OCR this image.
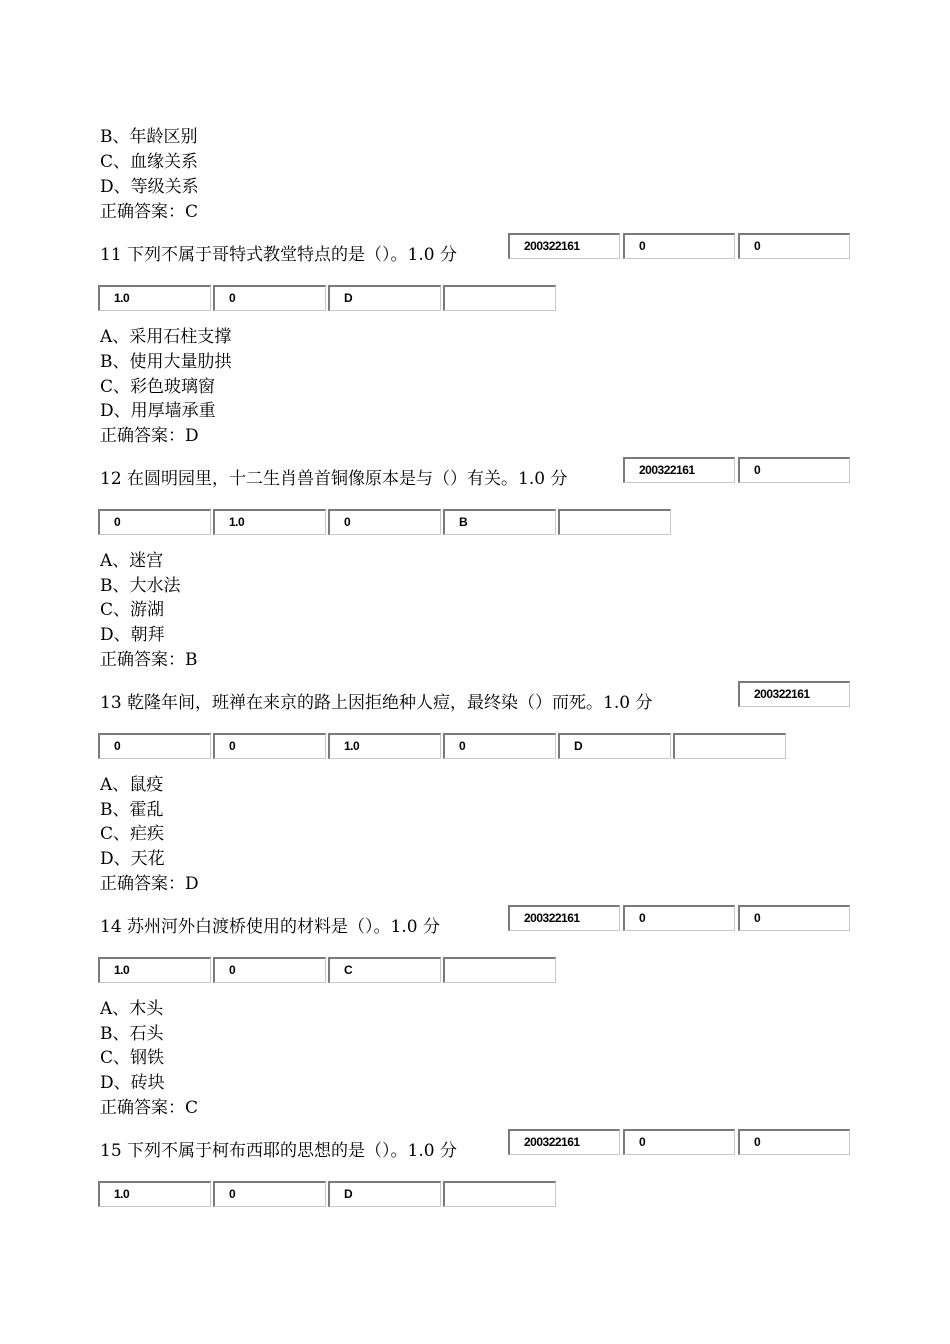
B、年龄区别
C、血缘关系
D、等级关系
正确答案：C
11 下列不属于哥特式教堂特点的是（）。1.0 分	200322161	0	0
1.0	0	D
A、采用石柱支撑
B、使用大量肋拱
C、彩色玻璃窗
D、用厚墙承重
正确答案：D
12 在圆明园里，十二生肖兽首铜像原本是与（）有关。1.0 分	200322161	0
0	1.0	0	B
A、迷宫
B、大水法
C、游湖
D、朝拜
正确答案：B
13 乾隆年间，班禅在来京的路上因拒绝种人痘，最终染（）而死。1.0 分	200322161
0	0	1.0	0	D
A、鼠疫
B、霍乱
C、疟疾
D、天花
正确答案：D
14 苏州河外白渡桥使用的材料是（）。1.0 分	200322161	0	0
1.0	0	C
A、木头
B、石头
C、钢铁
D、砖块
正确答案：C
15 下列不属于柯布西耶的思想的是（）。1.0 分	200322161	0	0
1.0	0	D
